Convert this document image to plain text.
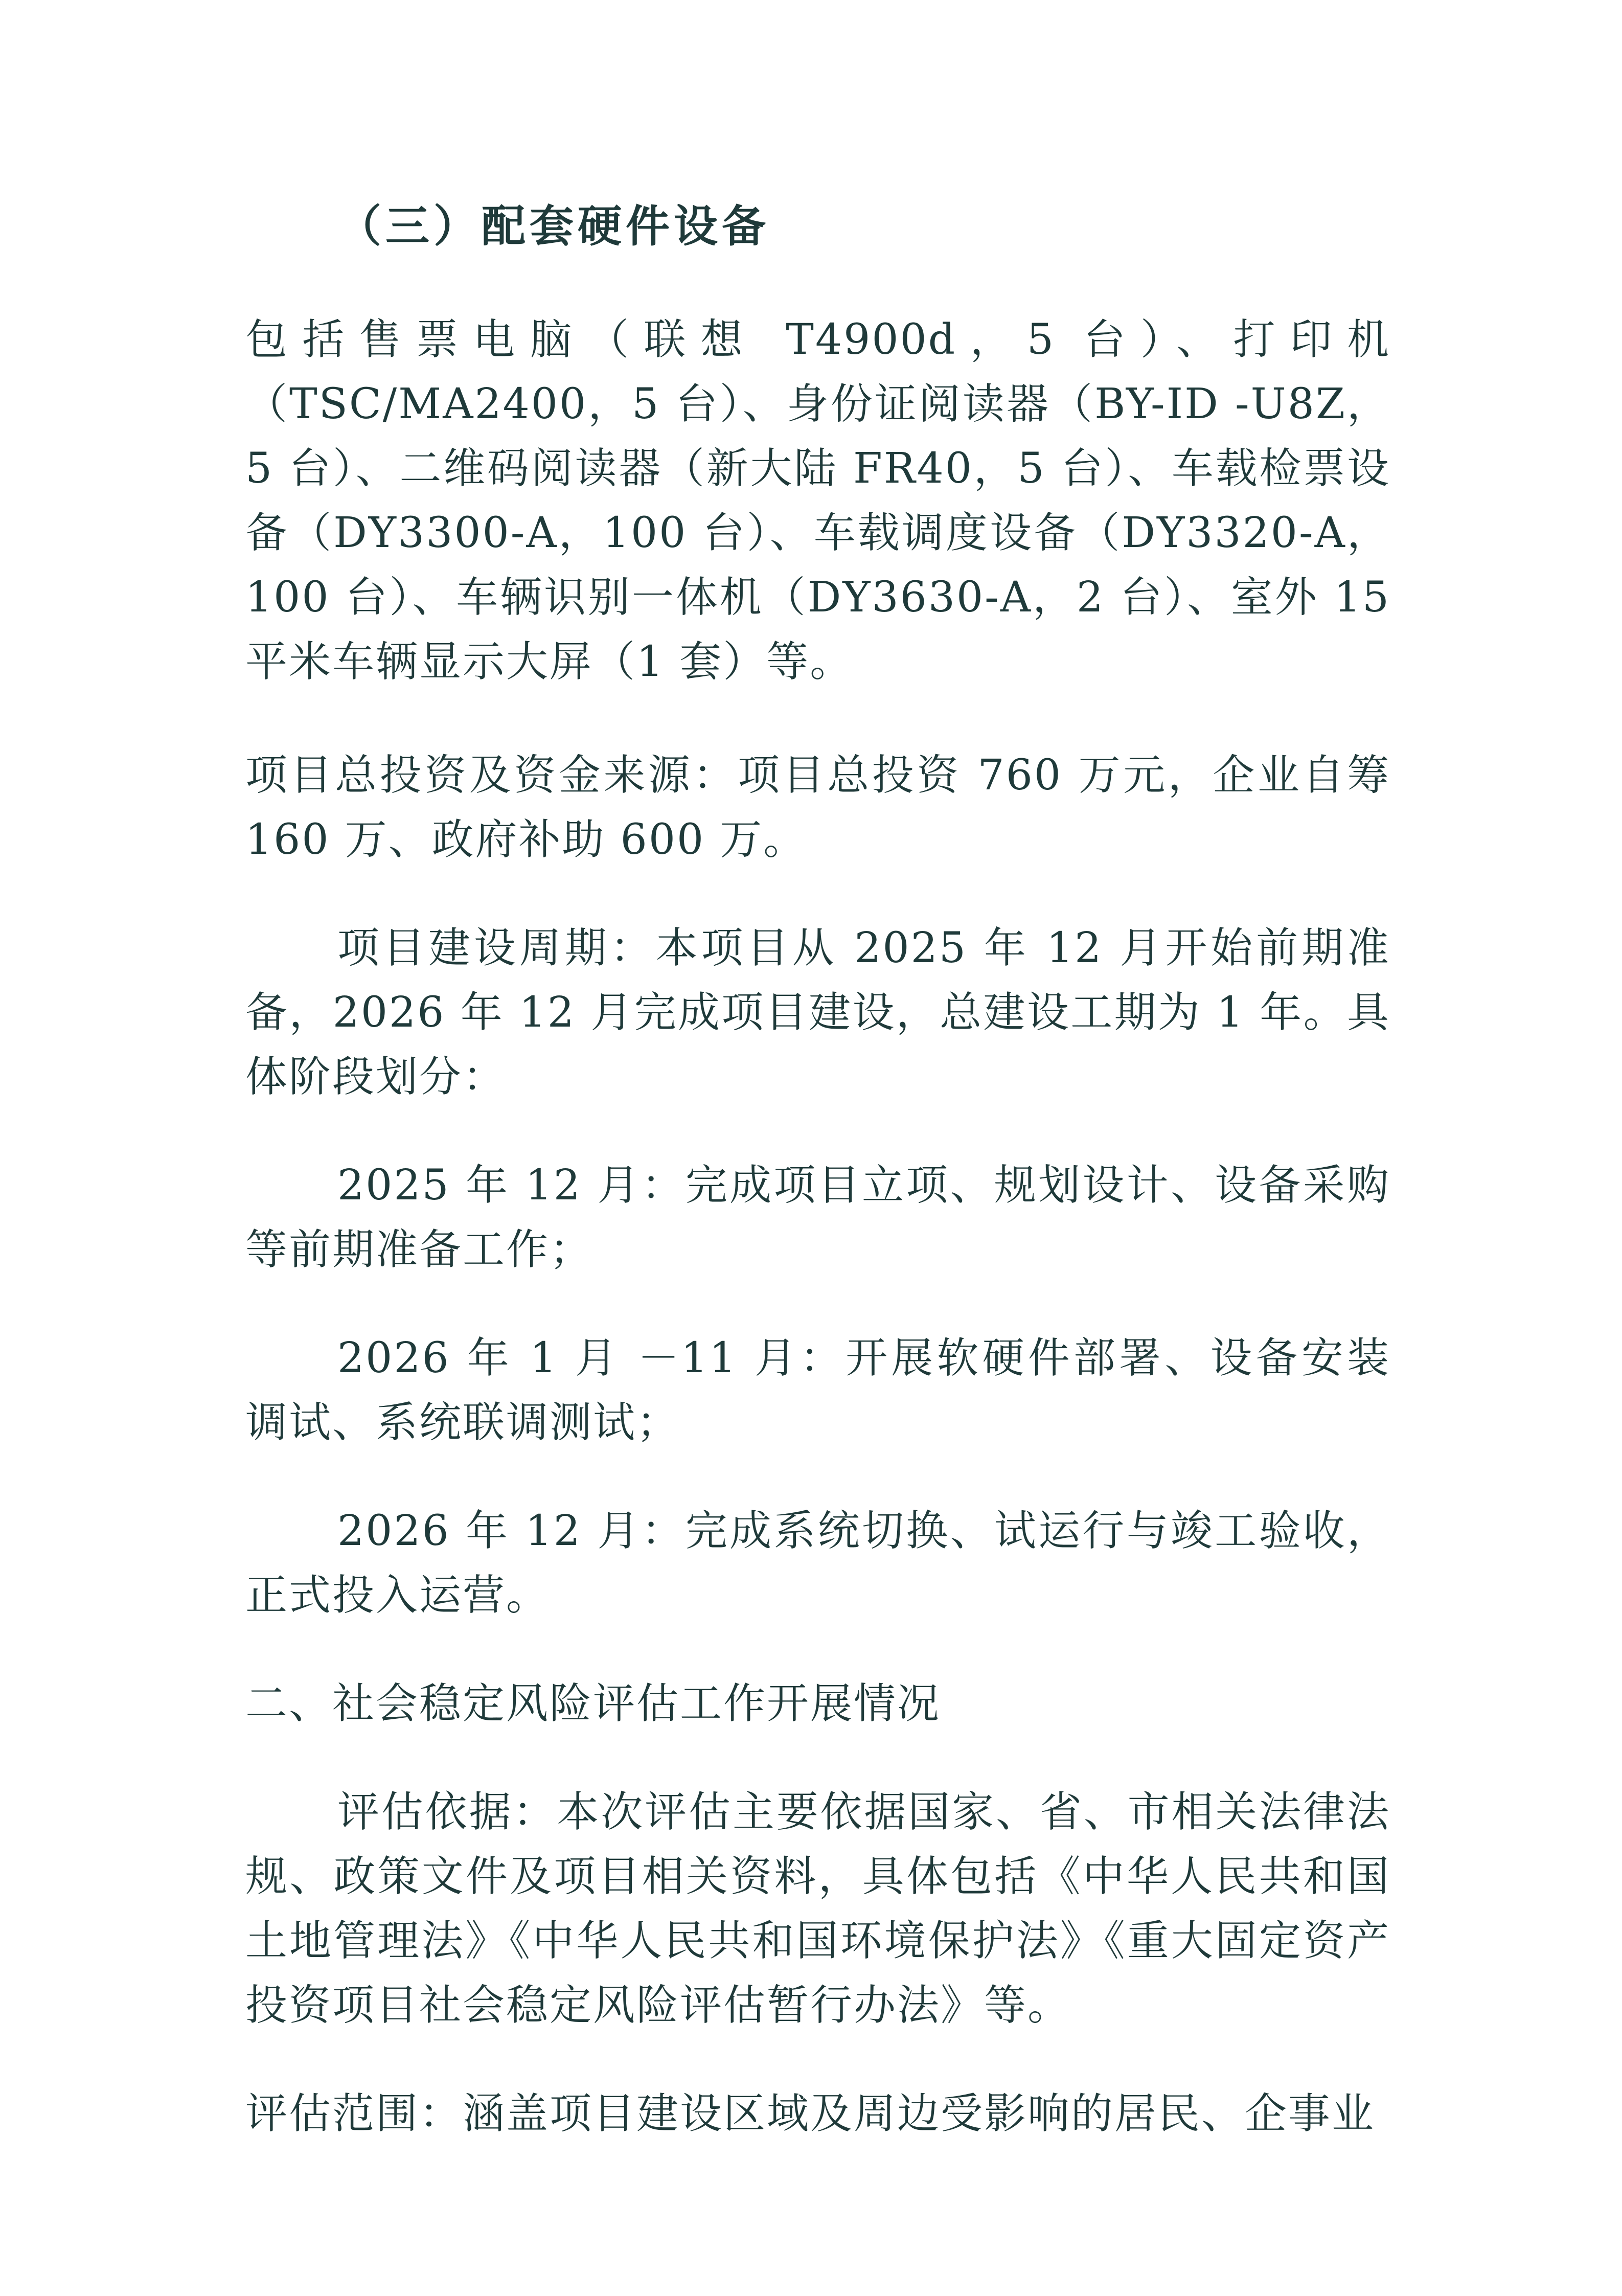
（三）配套硬件设备

包括售票电脑（联想 T4900d，5 台）、打印机（TSC/MA2400，5 台）、身份证阅读器（BY-ID -U8Z，5 台）、二维码阅读器（新大陆 FR40，5 台）、车载检票设备（DY3300-A，100 台）、车载调度设备（DY3320-A，100 台）、车辆识别一体机（DY3630-A，2 台）、室外 15 平米车辆显示大屏（1 套）等。

项目总投资及资金来源：项目总投资 760 万元，企业自筹 160 万、政府补助 600 万。

项目建设周期：本项目从 2025 年 12 月开始前期准备，2026 年 12 月完成项目建设，总建设工期为 1 年。具体阶段划分：

2025 年 12 月：完成项目立项、规划设计、设备采购等前期准备工作；

2026 年 1 月 －11 月：开展软硬件部署、设备安装调试、系统联调测试；

2026 年 12 月：完成系统切换、试运行与竣工验收，正式投入运营。

二、社会稳定风险评估工作开展情况

评估依据：本次评估主要依据国家、省、市相关法律法规、政策文件及项目相关资料，具体包括《中华人民共和国土地管理法》《中华人民共和国环境保护法》《重大固定资产投资项目社会稳定风险评估暂行办法》等。

评估范围：涵盖项目建设区域及周边受影响的居民、企事业
